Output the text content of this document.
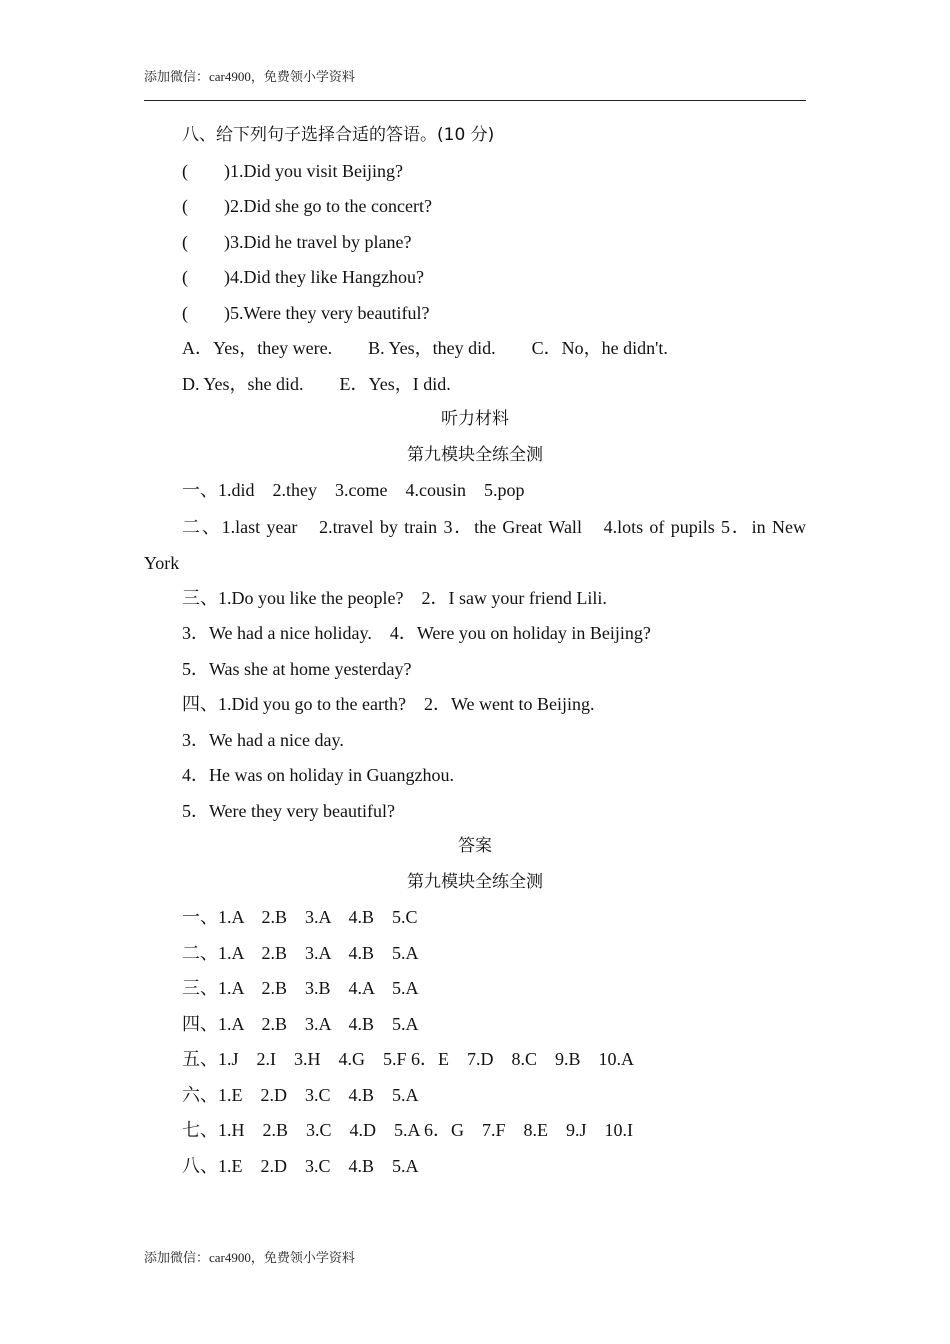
添加微信：car4900，免费领小学资料
八、给下列句子选择合适的答语。(10 分)
( )1.Did you visit Beijing?
( )2.Did she go to the concert?
( )3.Did he travel by plane?
( )4.Did they like Hangzhou?
( )5.Were they very beautiful?
A．Yes，they were.　　B. Yes，they did.　　C．No，he didn't.
D. Yes，she did.　　E．Yes，I did.
听力材料
第九模块全练全测
一、1.did　2.they　3.come　4.cousin　5.pop
二、1.last year　2.travel by train 3．the Great Wall　4.lots of pupils 5．in New York
三、1.Do you like the people?　2．I saw your friend Lili.
3．We had a nice holiday.　4．Were you on holiday in Beijing?
5．Was she at home yesterday?
四、1.Did you go to the earth?　2．We went to Beijing.
3．We had a nice day.
4．He was on holiday in Guangzhou.
5．Were they very beautiful?
答案
第九模块全练全测
一、1.A　2.B　3.A　4.B　5.C
二、1.A　2.B　3.A　4.B　5.A
三、1.A　2.B　3.B　4.A　5.A
四、1.A　2.B　3.A　4.B　5.A
五、1.J　2.I　3.H　4.G　5.F 6．E　7.D　8.C　9.B　10.A
六、1.E　2.D　3.C　4.B　5.A
七、1.H　2.B　3.C　4.D　5.A 6．G　7.F　8.E　9.J　10.I
八、1.E　2.D　3.C　4.B　5.A
添加微信：car4900，免费领小学资料
